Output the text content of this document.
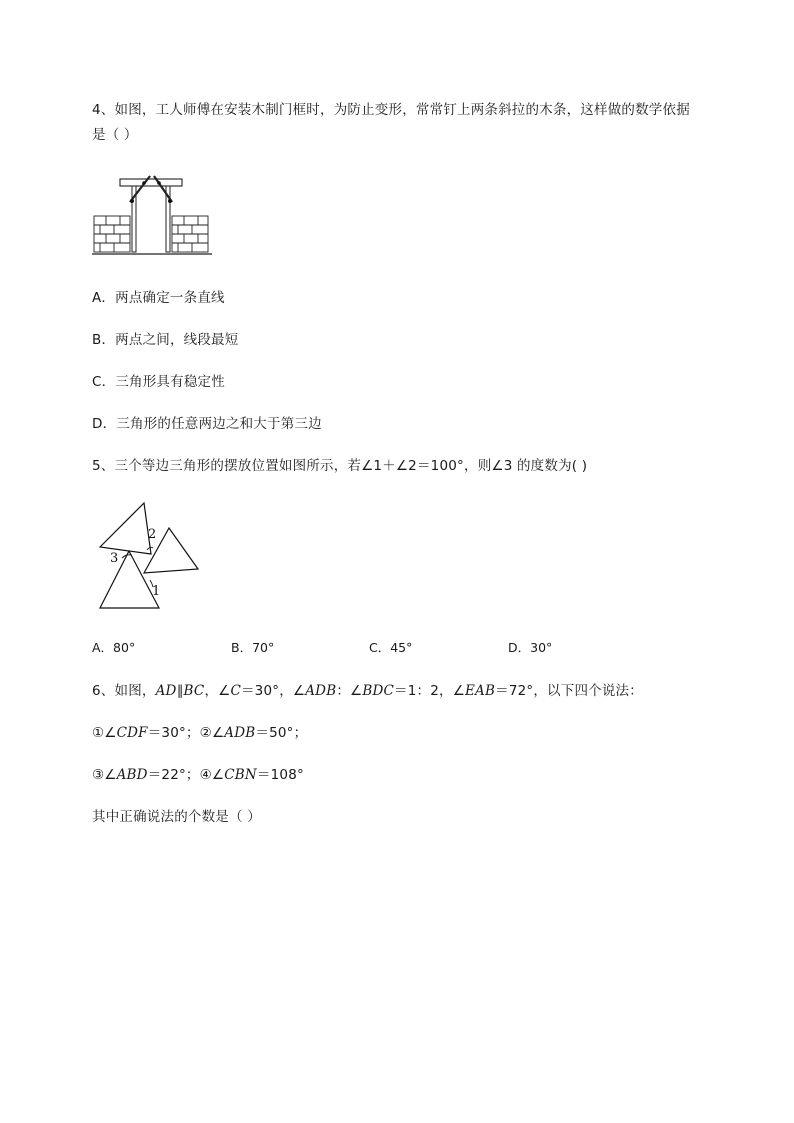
4、如图，工人师傅在安装木制门框时，为防止变形，常常钉上两条斜拉的木条，这样做的数学依据
是（ ）
A．两点确定一条直线
B．两点之间，线段最短
C．三角形具有稳定性
D．三角形的任意两边之和大于第三边
5、三个等边三角形的摆放位置如图所示，若∠1＋∠2＝100°，则∠3 的度数为( )
2
3
1
A．80°	B．70°	C．45°	D．30°
6、如图，AD∥BC，∠C＝30°，∠ADB：∠BDC＝1：2，∠EAB＝72°，以下四个说法：
①∠CDF＝30°；②∠ADB＝50°；
③∠ABD＝22°；④∠CBN＝108°
其中正确说法的个数是（ ）
